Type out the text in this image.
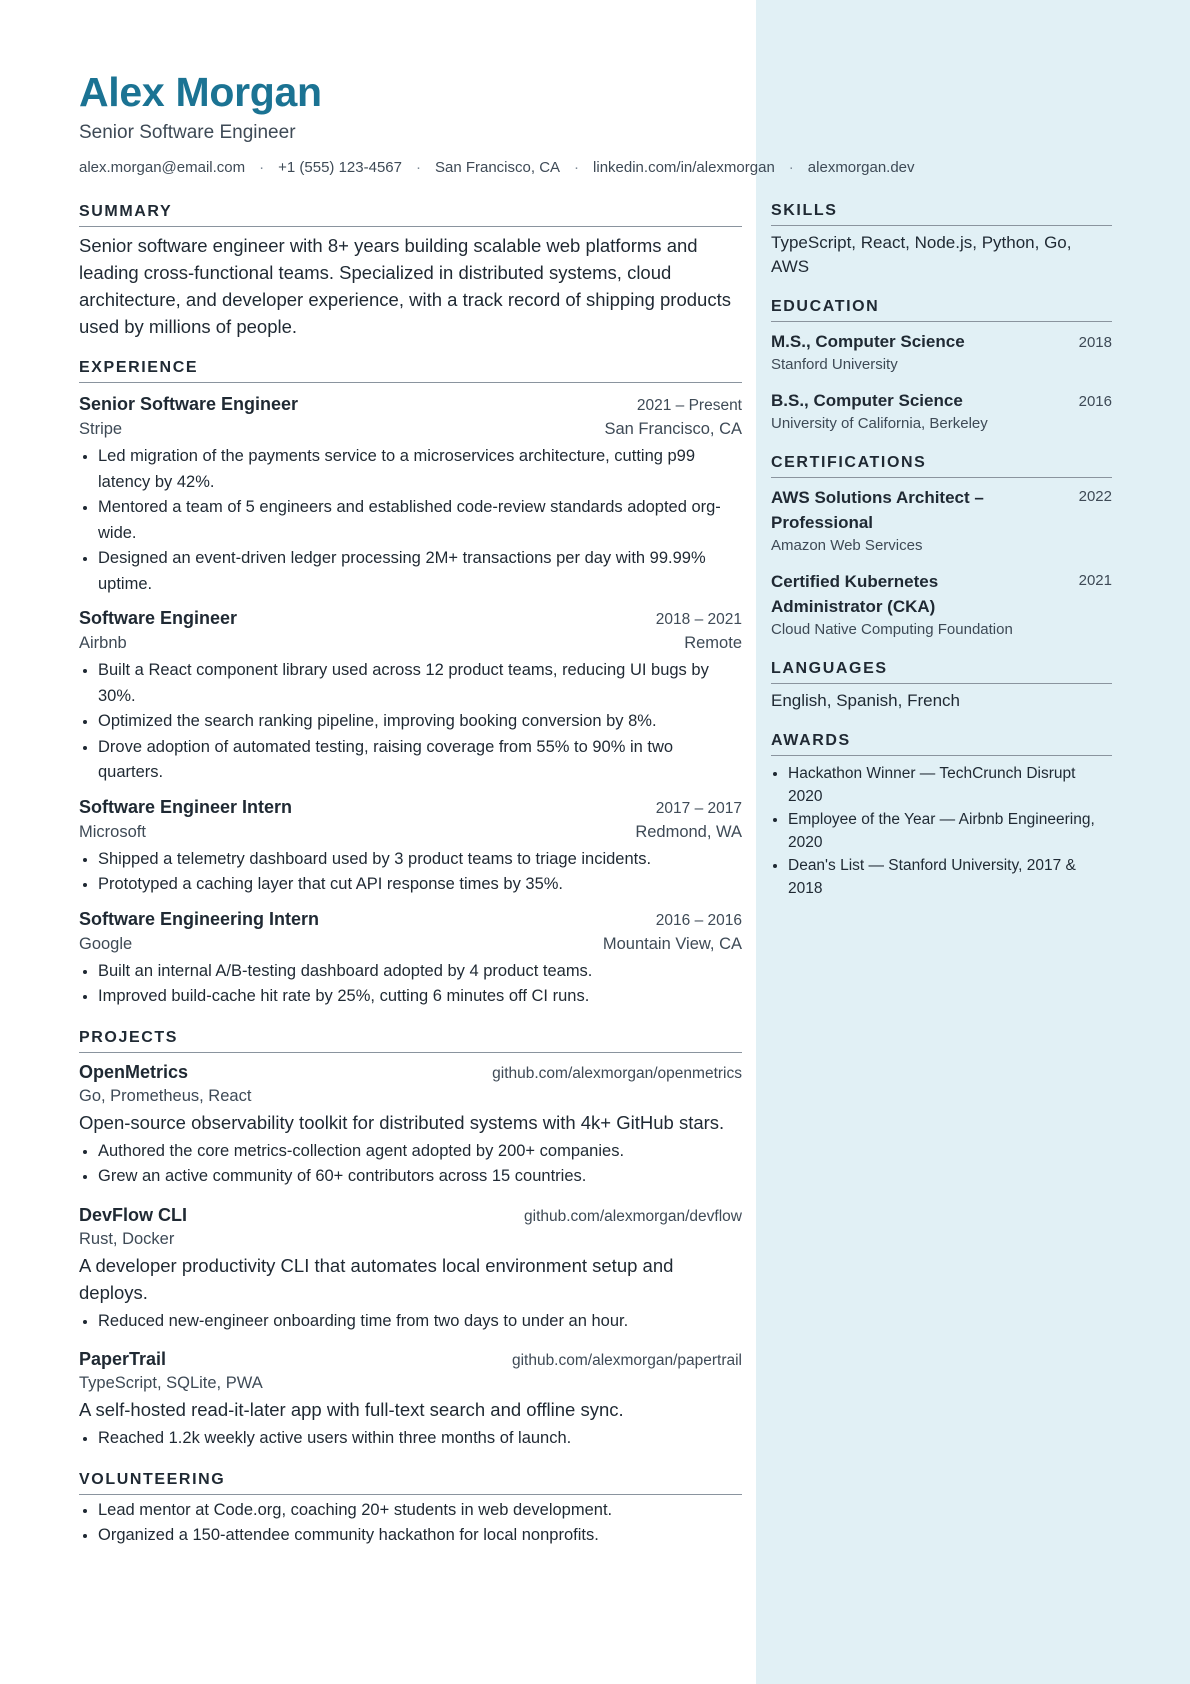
Alex Morgan
Senior Software Engineer
alex.morgan@email.com · +1 (555) 123-4567 · San Francisco, CA · linkedin.com/in/alexmorgan · alexmorgan.dev
SUMMARY
Senior software engineer with 8+ years building scalable web platforms and leading cross-functional teams. Specialized in distributed systems, cloud architecture, and developer experience, with a track record of shipping products used by millions of people.
EXPERIENCE
Senior Software Engineer	2021 – Present
Stripe	San Francisco, CA
• Led migration of the payments service to a microservices architecture, cutting p99 latency by 42%.
• Mentored a team of 5 engineers and established code-review standards adopted org-wide.
• Designed an event-driven ledger processing 2M+ transactions per day with 99.99% uptime.
Software Engineer	2018 – 2021
Airbnb	Remote
• Built a React component library used across 12 product teams, reducing UI bugs by 30%.
• Optimized the search ranking pipeline, improving booking conversion by 8%.
• Drove adoption of automated testing, raising coverage from 55% to 90% in two quarters.
Software Engineer Intern	2017 – 2017
Microsoft	Redmond, WA
• Shipped a telemetry dashboard used by 3 product teams to triage incidents.
• Prototyped a caching layer that cut API response times by 35%.
Software Engineering Intern	2016 – 2016
Google	Mountain View, CA
• Built an internal A/B-testing dashboard adopted by 4 product teams.
• Improved build-cache hit rate by 25%, cutting 6 minutes off CI runs.
PROJECTS
OpenMetrics	github.com/alexmorgan/openmetrics
Go, Prometheus, React
Open-source observability toolkit for distributed systems with 4k+ GitHub stars.
• Authored the core metrics-collection agent adopted by 200+ companies.
• Grew an active community of 60+ contributors across 15 countries.
DevFlow CLI	github.com/alexmorgan/devflow
Rust, Docker
A developer productivity CLI that automates local environment setup and deploys.
• Reduced new-engineer onboarding time from two days to under an hour.
PaperTrail	github.com/alexmorgan/papertrail
TypeScript, SQLite, PWA
A self-hosted read-it-later app with full-text search and offline sync.
• Reached 1.2k weekly active users within three months of launch.
VOLUNTEERING
• Lead mentor at Code.org, coaching 20+ students in web development.
• Organized a 150-attendee community hackathon for local nonprofits.
SKILLS
TypeScript, React, Node.js, Python, Go, AWS
EDUCATION
M.S., Computer Science	2018
Stanford University
B.S., Computer Science	2016
University of California, Berkeley
CERTIFICATIONS
AWS Solutions Architect – Professional
2022
Amazon Web Services
Certified Kubernetes Administrator (CKA)
2021
Cloud Native Computing Foundation
LANGUAGES
English, Spanish, French
AWARDS
• Hackathon Winner — TechCrunch Disrupt 2020
• Employee of the Year — Airbnb Engineering, 2020
• Dean's List — Stanford University, 2017 & 2018
